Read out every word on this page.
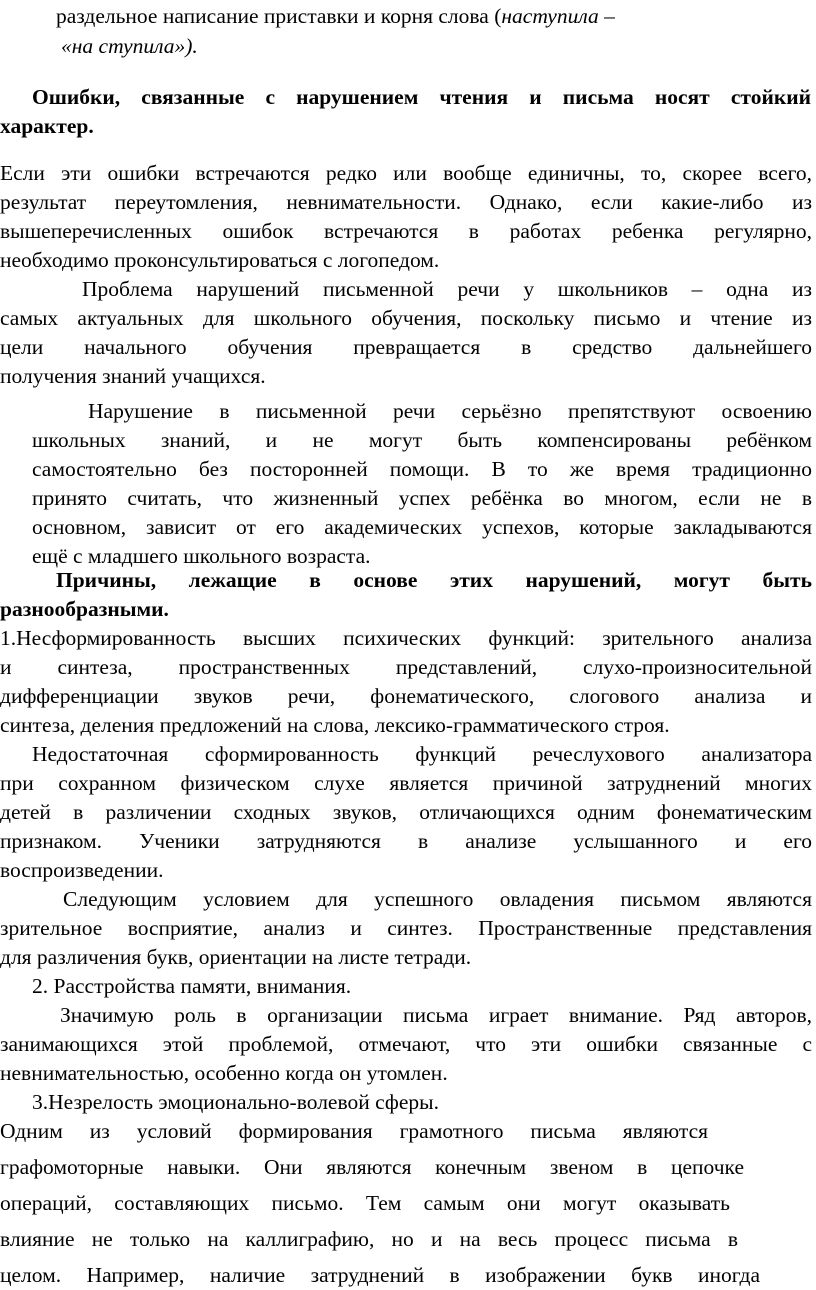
раздельное написание приставки и корня слова (наступила –
«на ступила»).
Ошибки, связанные с нарушением чтения и письма носят стойкий
характер.
Если эти ошибки встречаются редко или вообще единичны, то, скорее всего,
результат переутомления, невнимательности. Однако, если какие-либо из
вышеперечисленных ошибок встречаются в работах ребенка регулярно,
необходимо проконсультироваться с логопедом.
Проблема нарушений письменной речи у школьников – одна из
самых актуальных для школьного обучения, поскольку письмо и чтение из
цели начального обучения превращается в средство дальнейшего
получения знаний учащихся.
Нарушение в письменной речи серьёзно препятствуют освоению
школьных знаний, и не могут быть компенсированы ребёнком
самостоятельно без посторонней помощи. В то же время традиционно
принято считать, что жизненный успех ребёнка во многом, если не в
основном, зависит от его академических успехов, которые закладываются
ещё с младшего школьного возраста.
Причины, лежащие в основе этих нарушений, могут быть
разнообразными.
1.Несформированность высших психических функций: зрительного анализа
и синтеза, пространственных представлений, слухо-произносительной
дифференциации звуков речи, фонематического, слогового анализа и
синтеза, деления предложений на слова, лексико-грамматического строя.
Недостаточная сформированность функций речеслухового анализатора
при сохранном физическом слухе является причиной затруднений многих
детей в различении сходных звуков, отличающихся одним фонематическим
признаком. Ученики затрудняются в анализе услышанного и его
воспроизведении.
Следующим условием для успешного овладения письмом являются
зрительное восприятие, анализ и синтез. Пространственные представления
для различения букв, ориентации на листе тетради.
2. Расстройства памяти, внимания.
Значимую роль в организации письма играет внимание. Ряд авторов,
занимающихся этой проблемой, отмечают, что эти ошибки связанные с
невнимательностью, особенно когда он утомлен.
3.Незрелость эмоционально-волевой сферы.
Одним из условий формирования грамотного письма являются
графомоторные навыки. Они являются конечным звеном в цепочке
операций, составляющих письмо. Тем самым они могут оказывать
влияние не только на каллиграфию, но и на весь процесс письма в
целом. Например, наличие затруднений в изображении букв иногда
